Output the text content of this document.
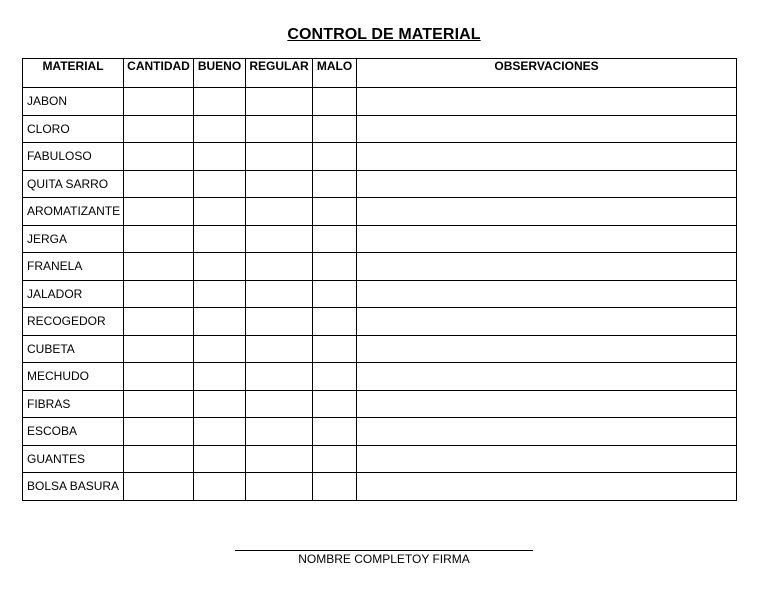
CONTROL DE MATERIAL
MATERIAL	CANTIDAD	BUENO	REGULAR	MALO	OBSERVACIONES
JABON					
CLORO					
FABULOSO					
QUITA SARRO					
AROMATIZANTE					
JERGA					
FRANELA					
JALADOR					
RECOGEDOR					
CUBETA					
MECHUDO					
FIBRAS					
ESCOBA					
GUANTES					
BOLSA BASURA					
NOMBRE COMPLETOY FIRMA
